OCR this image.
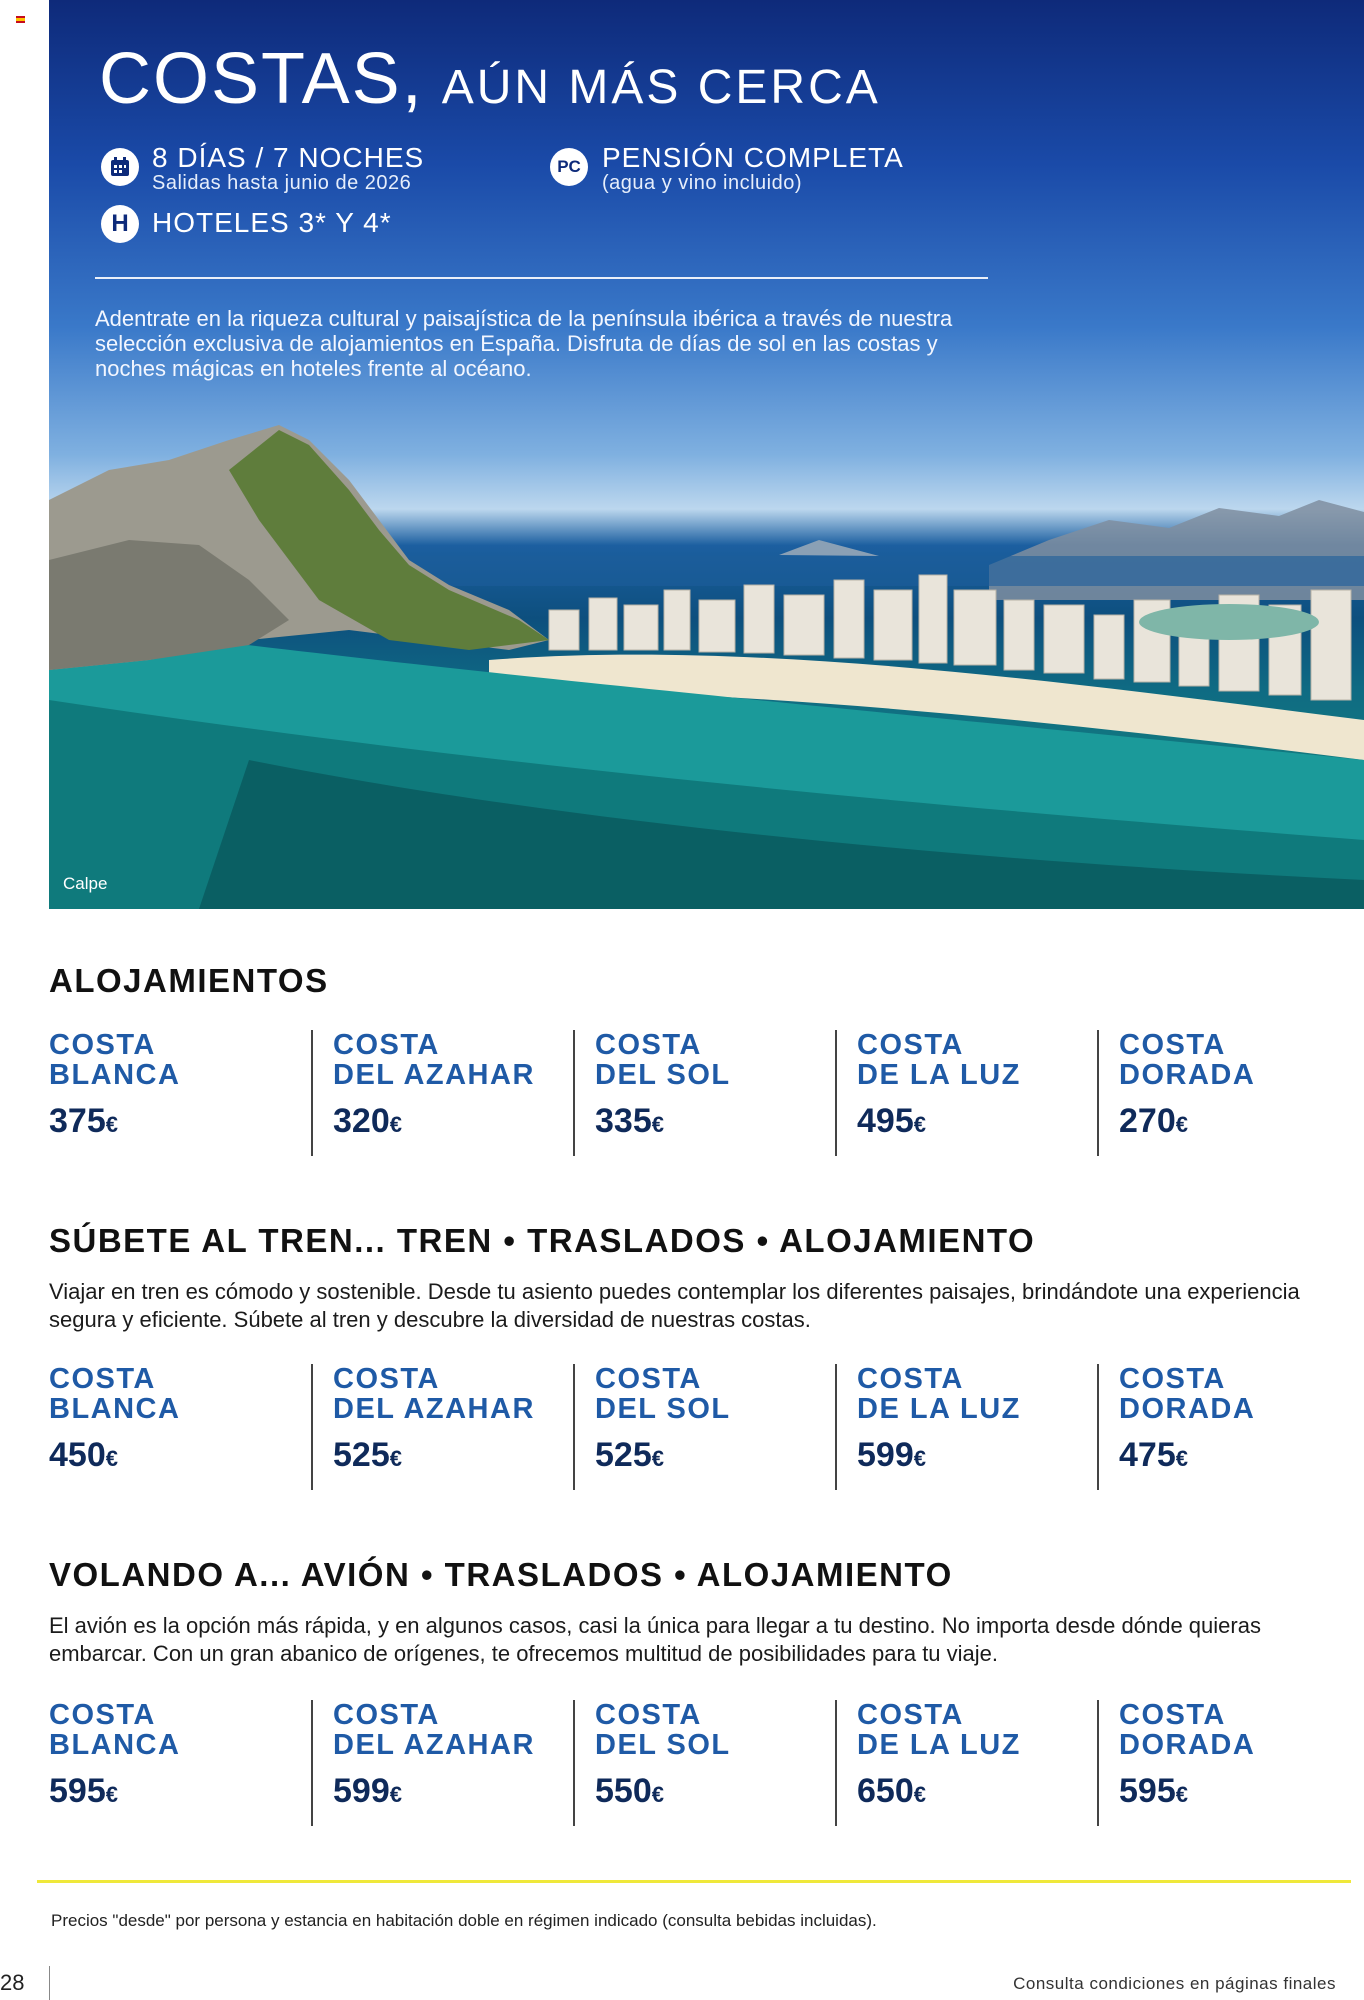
COSTAS, AÚN MÁS CERCA
8 DÍAS / 7 NOCHES
Salidas hasta junio de 2026
H HOTELES 3* Y 4*
PC PENSIÓN COMPLETA
(agua y vino incluido)
Adentrate en la riqueza cultural y paisajística de la península ibérica a través de nuestra selección exclusiva de alojamientos en España. Disfruta de días de sol en las costas y noches mágicas en hoteles frente al océano.
Calpe
ALOJAMIENTOS
COSTA
BLANCA
375€
COSTA
DEL AZAHAR
320€
COSTA
DEL SOL
335€
COSTA
DE LA LUZ
495€
COSTA
DORADA
270€
SÚBETE AL TREN... TREN • TRASLADOS • ALOJAMIENTO
Viajar en tren es cómodo y sostenible. Desde tu asiento puedes contemplar los diferentes paisajes, brindándote una experiencia segura y eficiente. Súbete al tren y descubre la diversidad de nuestras costas.
COSTA
BLANCA
450€
COSTA
DEL AZAHAR
525€
COSTA
DEL SOL
525€
COSTA
DE LA LUZ
599€
COSTA
DORADA
475€
VOLANDO A... AVIÓN • TRASLADOS • ALOJAMIENTO
El avión es la opción más rápida, y en algunos casos, casi la única para llegar a tu destino. No importa desde dónde quieras embarcar. Con un gran abanico de orígenes, te ofrecemos multitud de posibilidades para tu viaje.
COSTA
BLANCA
595€
COSTA
DEL AZAHAR
599€
COSTA
DEL SOL
550€
COSTA
DE LA LUZ
650€
COSTA
DORADA
595€
Precios "desde" por persona y estancia en habitación doble en régimen indicado (consulta bebidas incluidas).
28	Consulta condiciones en páginas finales
